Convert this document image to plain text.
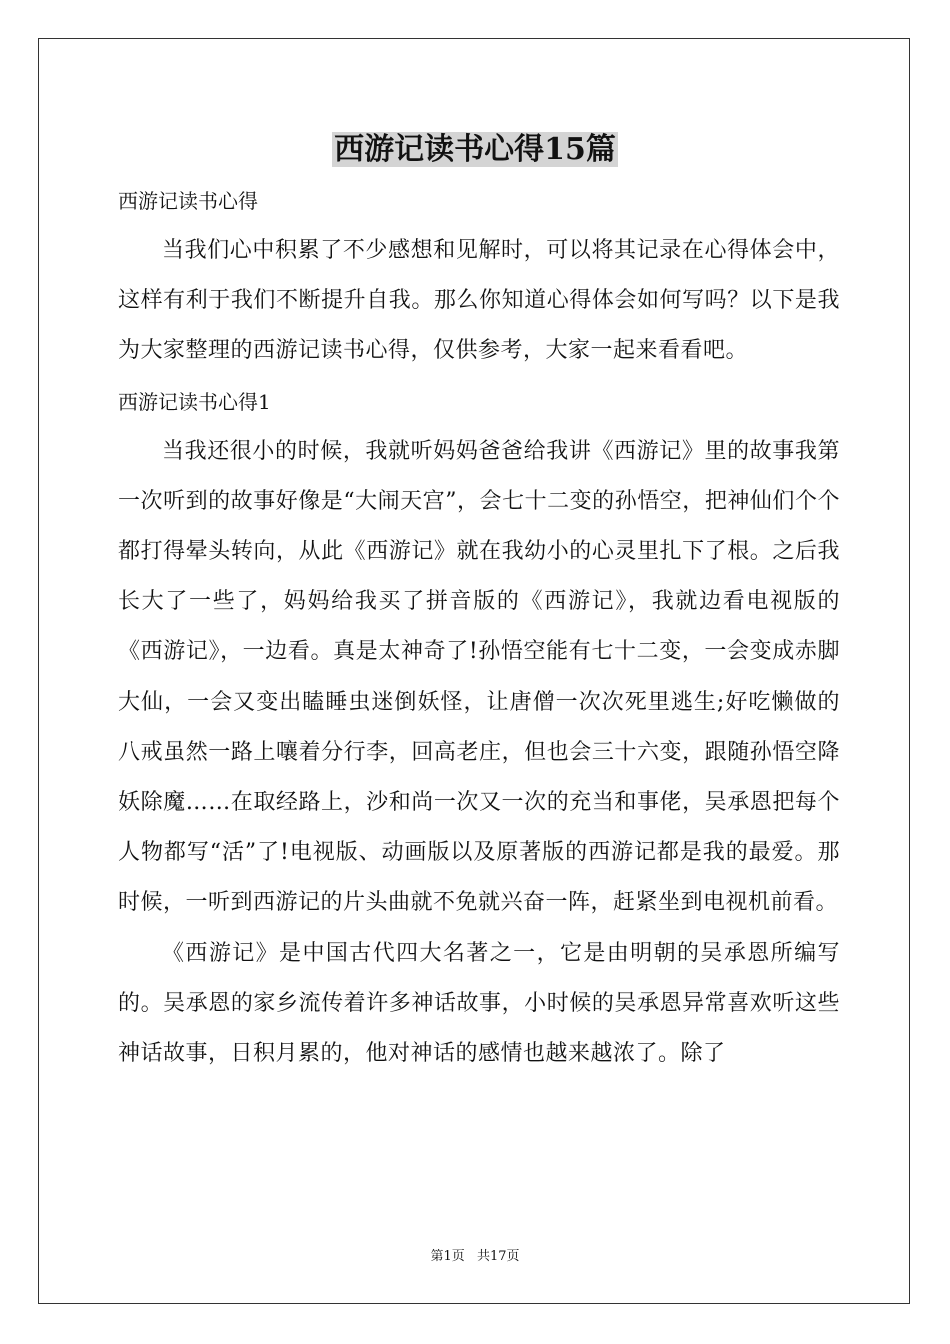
西游记读书心得15篇

西游记读书心得

当我们心中积累了不少感想和见解时，可以将其记录在心得体会中，这样有利于我们不断提升自我。那么你知道心得体会如何写吗？以下是我为大家整理的西游记读书心得，仅供参考，大家一起来看看吧。

西游记读书心得1

当我还很小的时候，我就听妈妈爸爸给我讲《西游记》里的故事我第一次听到的故事好像是“大闹天宫”，会七十二变的孙悟空，把神仙们个个都打得晕头转向，从此《西游记》就在我幼小的心灵里扎下了根。之后我长大了一些了，妈妈给我买了拼音版的《西游记》，我就边看电视版的《西游记》，一边看。真是太神奇了!孙悟空能有七十二变，一会变成赤脚大仙，一会又变出瞌睡虫迷倒妖怪，让唐僧一次次死里逃生;好吃懒做的八戒虽然一路上嚷着分行李，回高老庄，但也会三十六变，跟随孙悟空降妖除魔……在取经路上，沙和尚一次又一次的充当和事佬，吴承恩把每个人物都写“活”了!电视版、动画版以及原著版的西游记都是我的最爱。那时候，一听到西游记的片头曲就不免就兴奋一阵，赶紧坐到电视机前看。

《西游记》是中国古代四大名著之一，它是由明朝的吴承恩所编写的。吴承恩的家乡流传着许多神话故事，小时候的吴承恩异常喜欢听这些神话故事，日积月累的，他对神话的感情也越来越浓了。除了

第1页 共17页
